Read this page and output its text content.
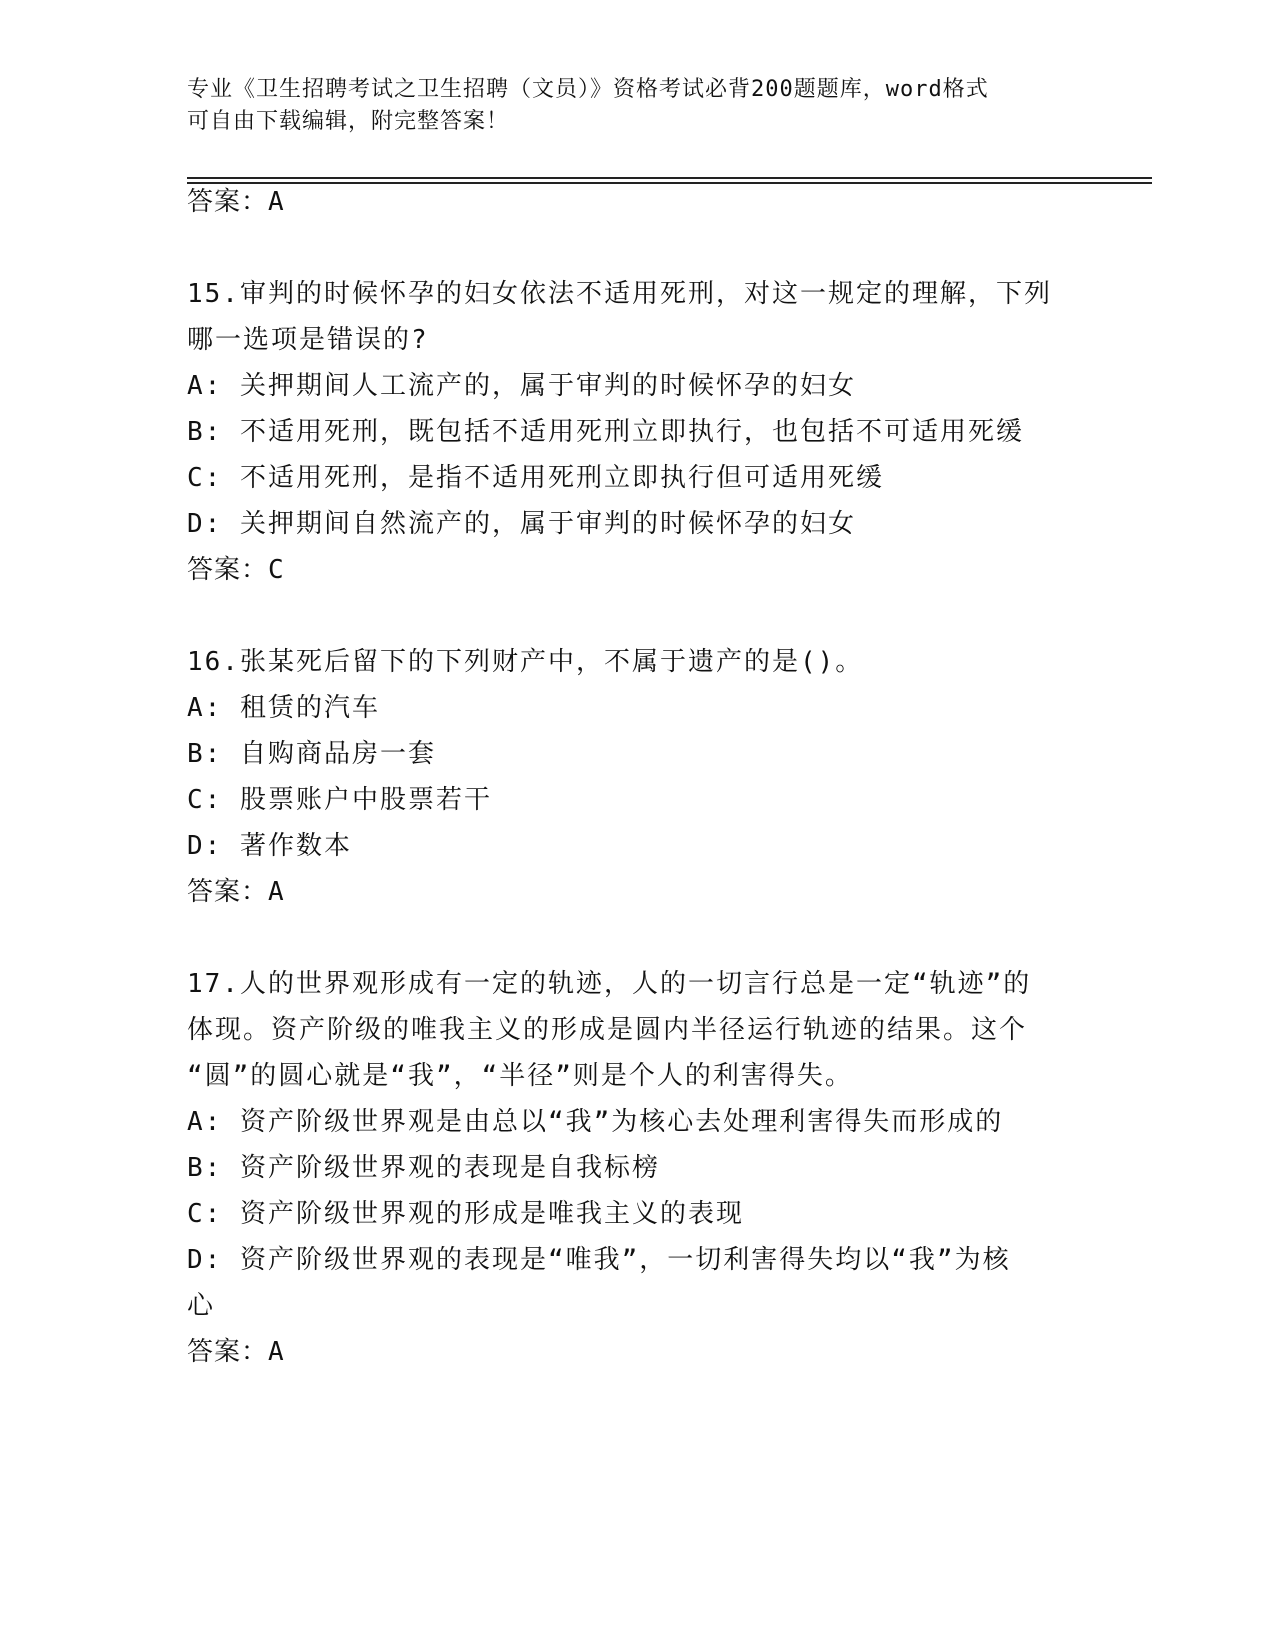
专业《卫生招聘考试之卫生招聘（文员）》资格考试必背200题题库，word格式
可自由下载编辑，附完整答案！
答案：A
15.审判的时候怀孕的妇女依法不适用死刑，对这一规定的理解，下列
哪一选项是错误的?
A: 关押期间人工流产的，属于审判的时候怀孕的妇女
B: 不适用死刑，既包括不适用死刑立即执行，也包括不可适用死缓
C: 不适用死刑，是指不适用死刑立即执行但可适用死缓
D: 关押期间自然流产的，属于审判的时候怀孕的妇女
答案：C
16.张某死后留下的下列财产中，不属于遗产的是()。
A: 租赁的汽车
B: 自购商品房一套
C: 股票账户中股票若干
D: 著作数本
答案：A
17.人的世界观形成有一定的轨迹，人的一切言行总是一定“轨迹”的
体现。资产阶级的唯我主义的形成是圆内半径运行轨迹的结果。这个
“圆”的圆心就是“我”，“半径”则是个人的利害得失。
A: 资产阶级世界观是由总以“我”为核心去处理利害得失而形成的
B: 资产阶级世界观的表现是自我标榜
C: 资产阶级世界观的形成是唯我主义的表现
D: 资产阶级世界观的表现是“唯我”，一切利害得失均以“我”为核
心
答案：A
